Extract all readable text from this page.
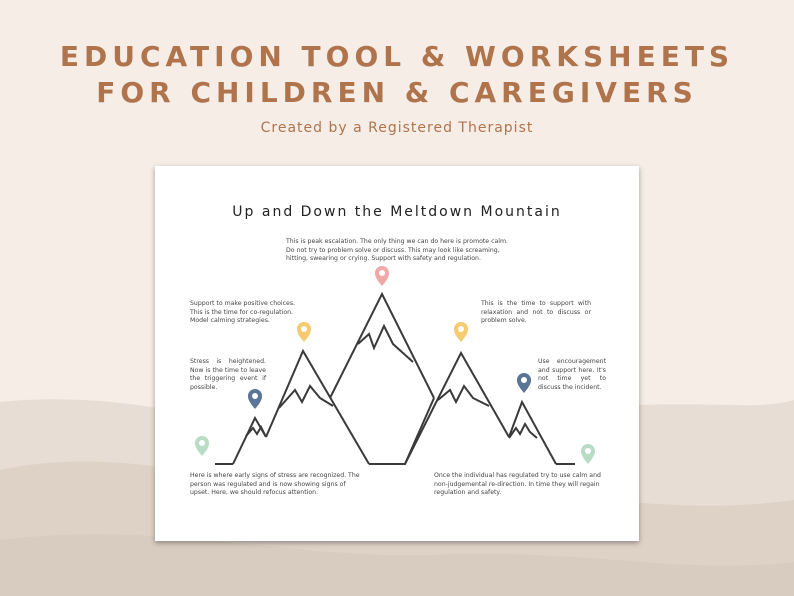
EDUCATION TOOL & WORKSHEETS
FOR CHILDREN & CAREGIVERS
Created by a Registered Therapist
Up and Down the Meltdown Mountain

This is peak escalation. The only thing we can do here is promote calm. Do not try to problem solve or discuss. This may look like screaming, hitting, swearing or crying. Support with safety and regulation.

Support to make positive choices. This is the time for co-regulation. Model calming strategies.

This is the time to support with relaxation and not to discuss or problem solve.

Stress is heightened. Now is the time to leave the triggering event if possible.

Use encouragement and support here. It's not time yet to discuss the incident.

Here is where early signs of stress are recognized. The person was regulated and is now showing signs of upset. Here, we should refocus attention.

Once the individual has regulated try to use calm and non-judgemental re-direction. In time they will regain regulation and safety.
